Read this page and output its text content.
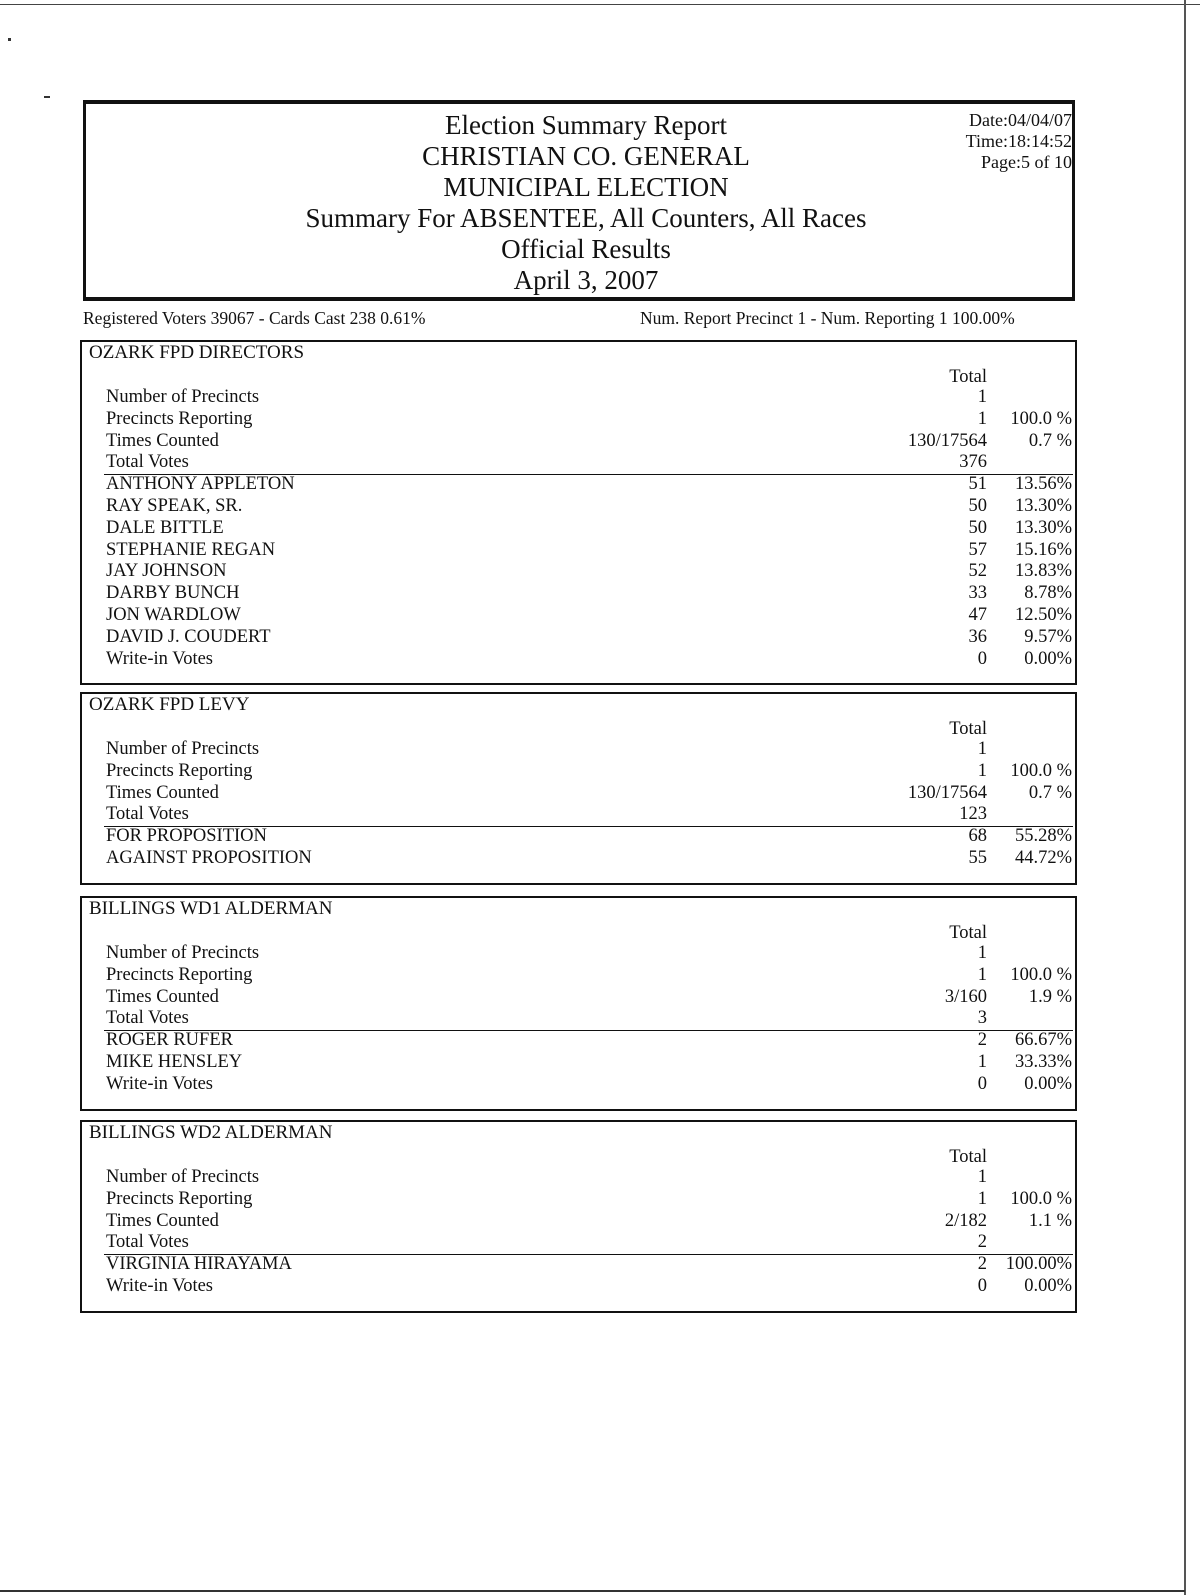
Election Summary Report
CHRISTIAN CO. GENERAL
MUNICIPAL ELECTION
Summary For ABSENTEE, All Counters, All Races
Official Results
April 3, 2007
Date:04/04/07
Time:18:14:52
Page:5 of 10
Registered Voters 39067 - Cards Cast 238 0.61%	Num. Report Precinct 1 - Num. Reporting 1 100.00%
OZARK FPD DIRECTORS
Total
Number of Precincts	1
Precincts Reporting	1 100.0 %
Times Counted	130/17564 0.7 %
Total Votes	376
ANTHONY APPLETON	51 13.56%
RAY SPEAK, SR.	50 13.30%
DALE BITTLE	50 13.30%
STEPHANIE REGAN	57 15.16%
JAY JOHNSON	52 13.83%
DARBY BUNCH	33 8.78%
JON WARDLOW	47 12.50%
DAVID J. COUDERT	36 9.57%
Write-in Votes	0 0.00%
OZARK FPD LEVY
Total
Number of Precincts	1
Precincts Reporting	1 100.0 %
Times Counted	130/17564 0.7 %
Total Votes	123
FOR PROPOSITION	68 55.28%
AGAINST PROPOSITION	55 44.72%
BILLINGS WD1 ALDERMAN
Total
Number of Precincts	1
Precincts Reporting	1 100.0 %
Times Counted	3/160 1.9 %
Total Votes	3
ROGER RUFER	2 66.67%
MIKE HENSLEY	1 33.33%
Write-in Votes	0 0.00%
BILLINGS WD2 ALDERMAN
Total
Number of Precincts	1
Precincts Reporting	1 100.0 %
Times Counted	2/182 1.1 %
Total Votes	2
VIRGINIA HIRAYAMA	2 100.00%
Write-in Votes	0 0.00%
